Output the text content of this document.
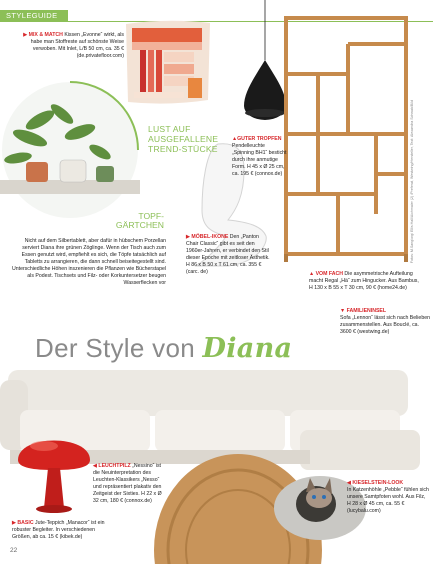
STYLEGUIDE
Der Style von Diana
LUST AUF AUSGEFALLENE TREND-STÜCKE
TOPF-GÄRTCHEN
▶ MIX & MATCH Kissen „Evonne“ wirkt, als habe man Stoffreste auf schönste Weise verwoben. Mit Inlet, L/B 50 cm, ca. 35 € (de.privatefloor.com)
Nicht auf dem Silbertablett, aber dafür in hübschem Porzellan serviert Diana ihre grünen Zöglinge. Wenn der Tisch auch zum Essen genutzt wird, empfiehlt es sich, die Töpfe tatsächlich auf Tabletts zu arrangieren, die dann schnell beiseitegestellt sind. Unterschiedliche Höhen inszenieren die Pflanzen wie Bücherstapel als Podest. Tischsets und Filz- oder Korkuntersetzer beugen Wasserflecken vor
▲GUTER TROPFEN
Pendelleuchte „Spinning BH1“ besticht durch ihre anmutige Form. H 45 x Ø 25 cm, ca. 195 € (connox.de)
▶ MÖBEL-IKONE Den „Panton Chair Classic“ gibt es seit den 1960er-Jahren, er verbindet den Stil dieser Epoche mit zeitloser Ästhetik. H 86 x B 50 x T 61 cm, ca. 355 € (carc. de)	▲ VOM FACH Die asymmetrische Aufteilung macht Regal „Hä“ zum Hingucker. Aus Bambus, H 130 x B 55 x T 30 cm, 90 € (home24.de)
▼ FAMILIENINSEL
Sofa „Lennon“ lässt sich nach Belieben zusammenstellen. Aus Bouclé, ca. 3600 € (westwing.de)
◀ LEUCHTPILZ „Nessino“ ist die Neuinterpretation des Leuchten-Klassikers „Nesso“ und repräsentiert plakativ den Zeitgeist der Sixties. H 22 x Ø 32 cm, 180 € (connox.de)
▶ BASIC Jute-Teppich „Manacor“ ist ein robuster Begleiter. In verschiedenen Größen, ab ca. 15 € (kibek.de)
◀ KIESELSTEIN-LOOK
In Katzenhöhle „Pebble“ fühlen sich unsere Samtpfoten wohl. Aus Filz, H 28 x Ø 45 cm, ca. 55 € (lucybalu.com)
22
Fotos: M.Sangiorgi Ellis Hall/Aichmaier (2) /Preferat, Westwing/Hersteller, Text: Alexandra Schwab/Bild
